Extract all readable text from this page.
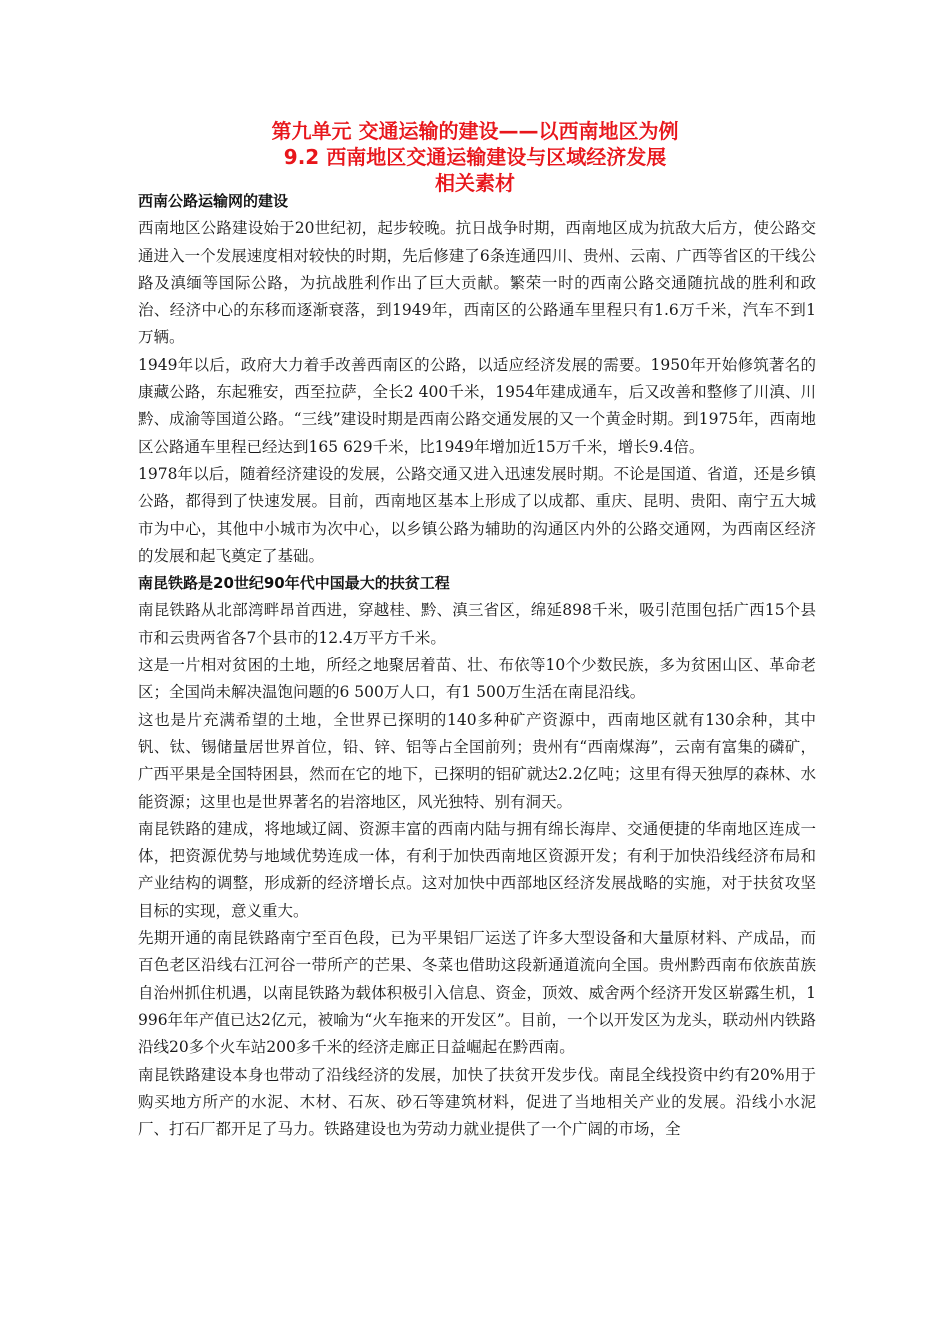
第九单元 交通运输的建设——以西南地区为例
9.2 西南地区交通运输建设与区域经济发展
相关素材

西南公路运输网的建设

西南地区公路建设始于20世纪初，起步较晚。抗日战争时期，西南地区成为抗敌大后方，使公路交通进入一个发展速度相对较快的时期，先后修建了6条连通四川、贵州、云南、广西等省区的干线公路及滇缅等国际公路，为抗战胜利作出了巨大贡献。繁荣一时的西南公路交通随抗战的胜利和政治、经济中心的东移而逐渐衰落，到1949年，西南区的公路通车里程只有1.6万千米，汽车不到1万辆。

1949年以后，政府大力着手改善西南区的公路，以适应经济发展的需要。1950年开始修筑著名的康藏公路，东起雅安，西至拉萨，全长2 400千米，1954年建成通车，后又改善和整修了川滇、川黔、成渝等国道公路。“三线”建设时期是西南公路交通发展的又一个黄金时期。到1975年，西南地区公路通车里程已经达到165 629千米，比1949年增加近15万千米，增长9.4倍。

1978年以后，随着经济建设的发展，公路交通又进入迅速发展时期。不论是国道、省道，还是乡镇公路，都得到了快速发展。目前，西南地区基本上形成了以成都、重庆、昆明、贵阳、南宁五大城市为中心，其他中小城市为次中心，以乡镇公路为辅助的沟通区内外的公路交通网，为西南区经济的发展和起飞奠定了基础。

南昆铁路是20世纪90年代中国最大的扶贫工程

南昆铁路从北部湾畔昂首西进，穿越桂、黔、滇三省区，绵延898千米，吸引范围包括广西15个县市和云贵两省各7个县市的12.4万平方千米。

这是一片相对贫困的土地，所经之地聚居着苗、壮、布依等10个少数民族，多为贫困山区、革命老区；全国尚未解决温饱问题的6 500万人口，有1 500万生活在南昆沿线。

这也是片充满希望的土地，全世界已探明的140多种矿产资源中，西南地区就有130余种，其中钒、钛、锡储量居世界首位，铅、锌、铝等占全国前列；贵州有“西南煤海”，云南有富集的磷矿，广西平果是全国特困县，然而在它的地下，已探明的铝矿就达2.2亿吨；这里有得天独厚的森林、水能资源；这里也是世界著名的岩溶地区，风光独特、别有洞天。

南昆铁路的建成，将地域辽阔、资源丰富的西南内陆与拥有绵长海岸、交通便捷的华南地区连成一体，把资源优势与地域优势连成一体，有利于加快西南地区资源开发；有利于加快沿线经济布局和产业结构的调整，形成新的经济增长点。这对加快中西部地区经济发展战略的实施，对于扶贫攻坚目标的实现，意义重大。

先期开通的南昆铁路南宁至百色段，已为平果铝厂运送了许多大型设备和大量原材料、产成品，而百色老区沿线右江河谷一带所产的芒果、冬菜也借助这段新通道流向全国。贵州黔西南布依族苗族自治州抓住机遇，以南昆铁路为载体积极引入信息、资金，顶效、威舍两个经济开发区崭露生机，1996年年产值已达2亿元，被喻为“火车拖来的开发区”。目前，一个以开发区为龙头，联动州内铁路沿线20多个火车站200多千米的经济走廊正日益崛起在黔西南。

南昆铁路建设本身也带动了沿线经济的发展，加快了扶贫开发步伐。南昆全线投资中约有20%用于购买地方所产的水泥、木材、石灰、砂石等建筑材料，促进了当地相关产业的发展。沿线小水泥厂、打石厂都开足了马力。铁路建设也为劳动力就业提供了一个广阔的市场，全
